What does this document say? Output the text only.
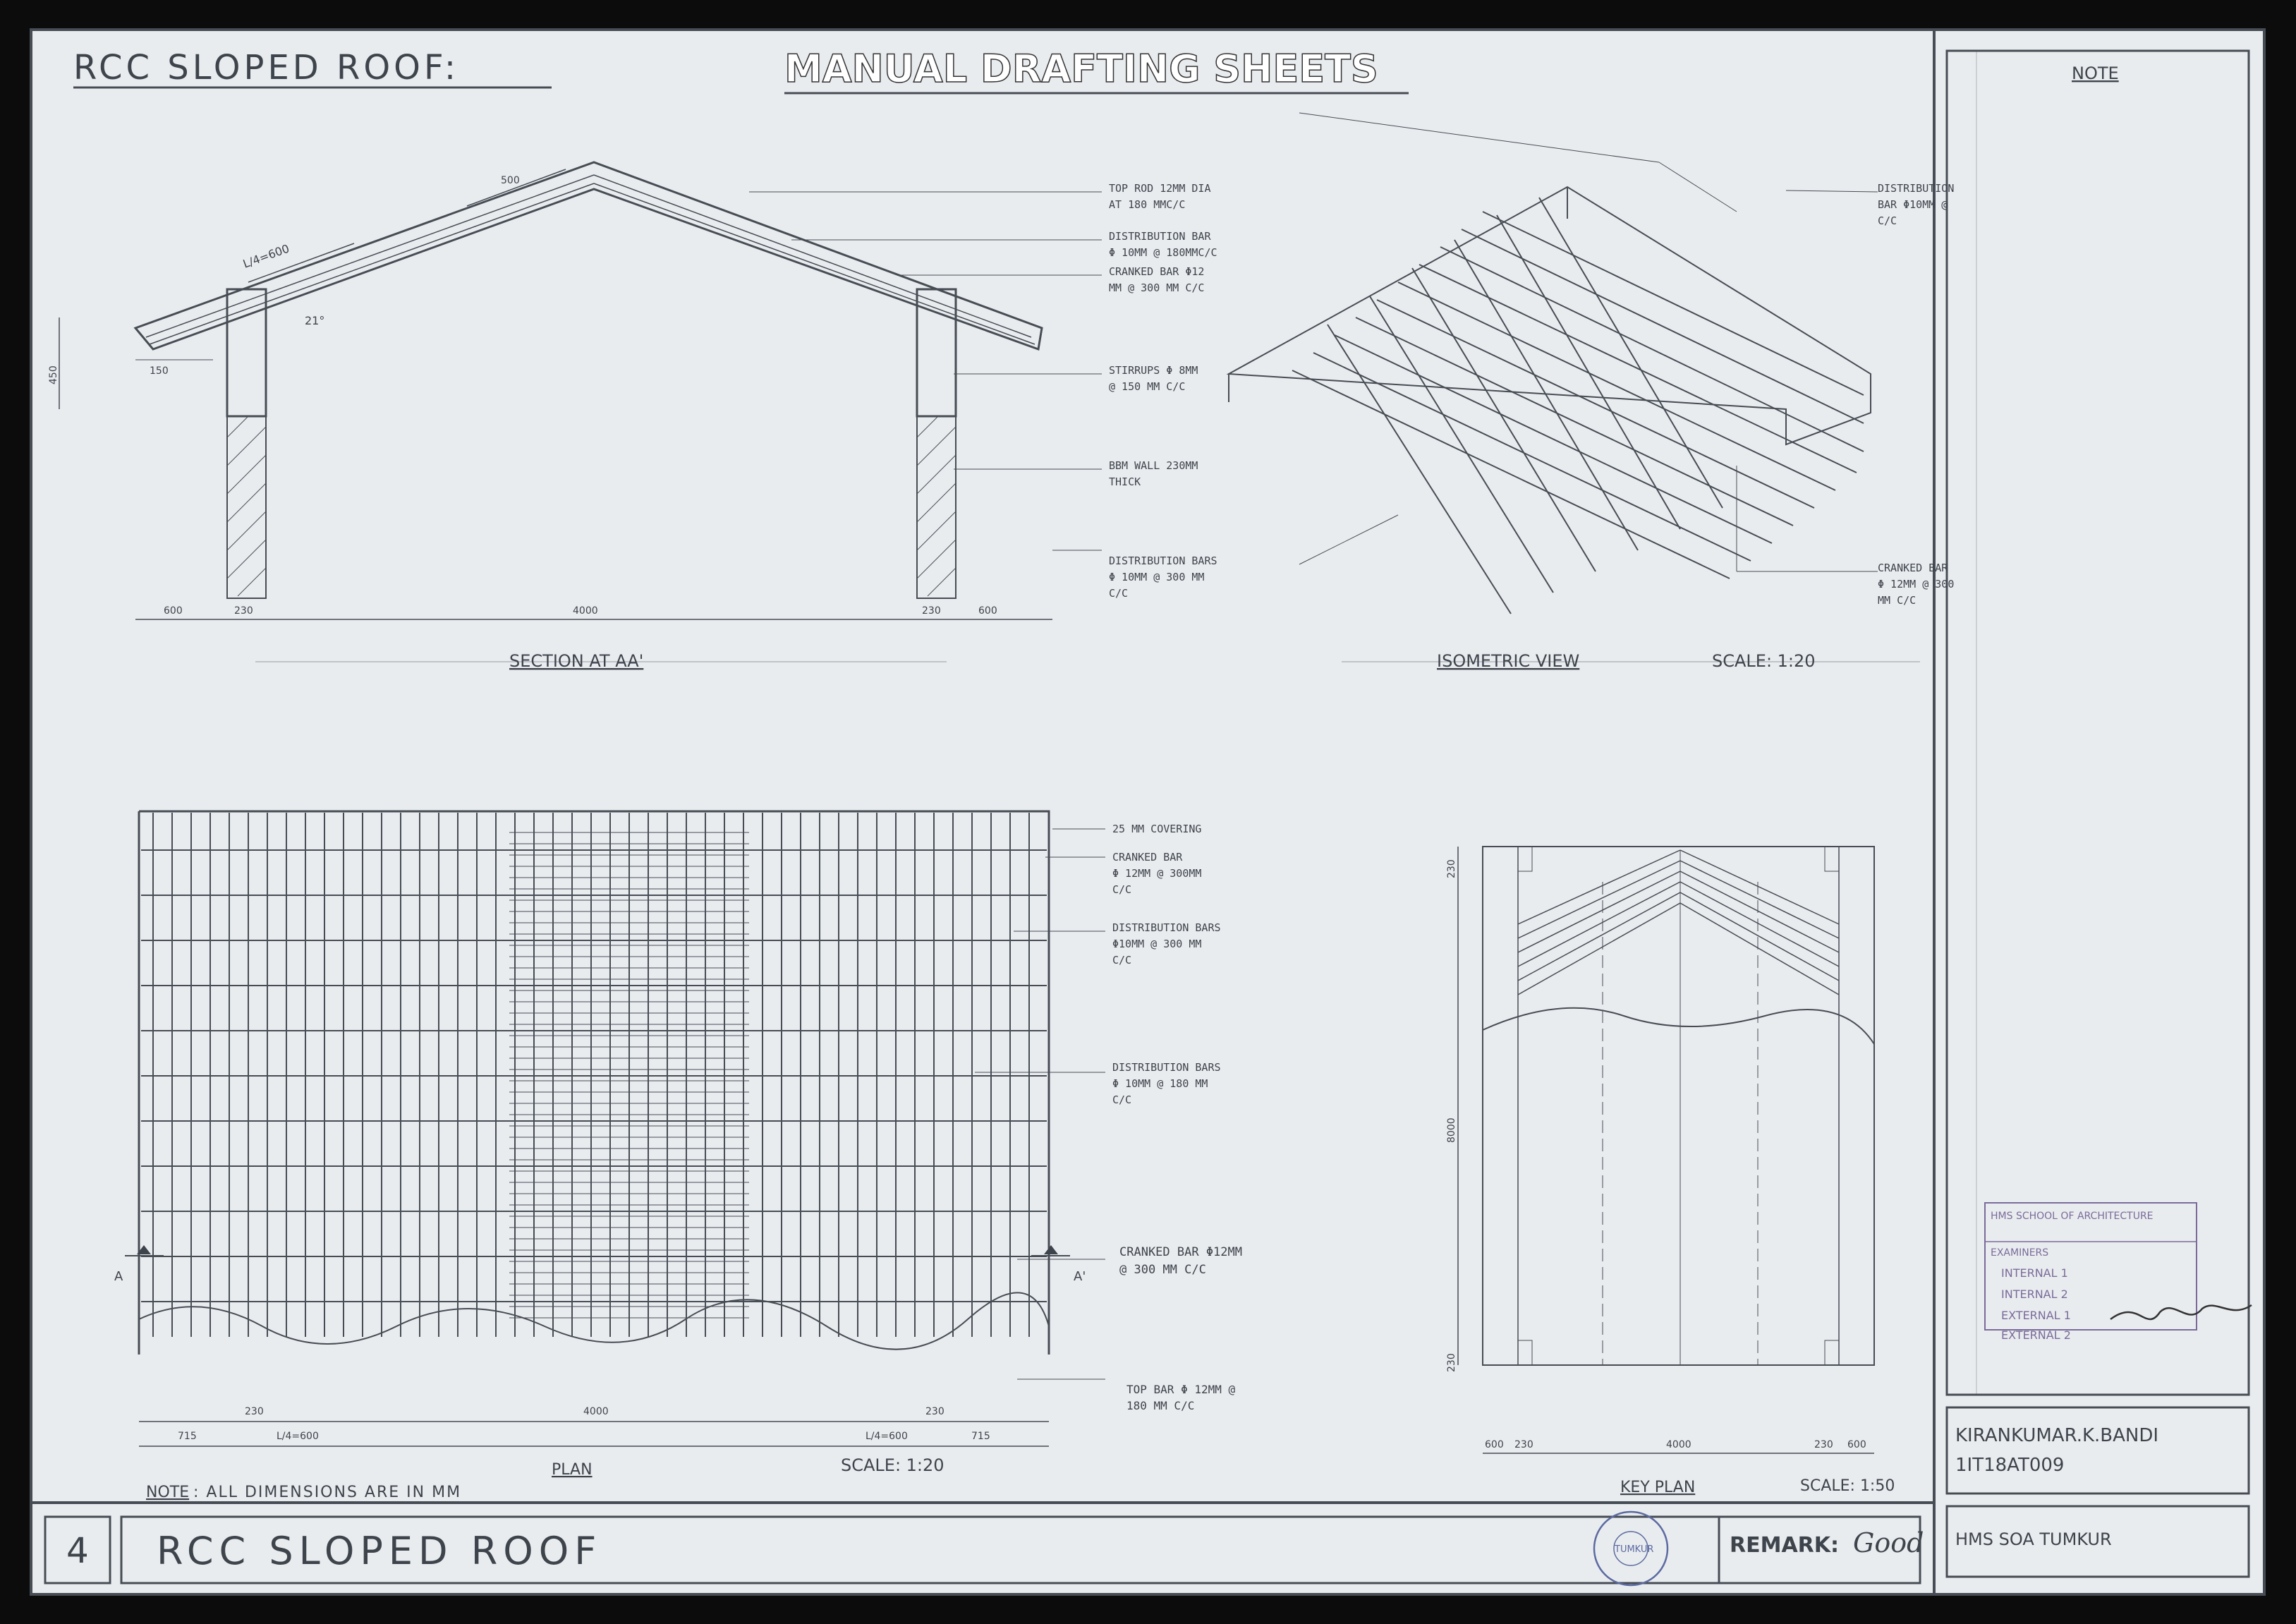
RCC SLOPED ROOF:	MANUAL DRAFTING SHEETS
500
L/4=600
21°
450	150
600	230	4000	230	600
TOP ROD 12MM DIA
AT 180 MMC/C
DISTRIBUTION BAR
Φ 10MM @ 180MMC/C
CRANKED BAR Φ12
MM @ 300 MM C/C
STIRRUPS Φ 8MM
@ 150 MM C/C
BBM WALL 230MM
THICK
DISTRIBUTION BARS
Φ 10MM @ 300 MM
C/C
SECTION AT AA'
DISTRIBUTION
BAR Φ10MM @
C/C
CRANKED BAR
Φ 12MM @ 300
MM C/C
ISOMETRIC VIEW	SCALE: 1:20
230	4000	230
715	L/4=600	L/4=600	715
A	A'
25 MM COVERING
CRANKED BAR
Φ 12MM @ 300MM
C/C
DISTRIBUTION BARS
Φ10MM @ 300 MM
C/C
DISTRIBUTION BARS
Φ 10MM @ 180 MM
C/C
CRANKED BAR Φ12MM
@ 300 MM C/C
TOP BAR Φ 12MM @
180 MM C/C
PLAN	SCALE: 1:20
NOTE : ALL DIMENSIONS ARE IN MM
230
8000
230
600 230	4000	230 600
KEY PLAN	SCALE: 1:50
NOTE
HMS SCHOOL OF ARCHITECTURE
EXAMINERS
INTERNAL 1
INTERNAL 2
EXTERNAL 1
EXTERNAL 2
KIRANKUMAR.K.BANDI
1IT18AT009
HMS SOA TUMKUR
4 RCC SLOPED ROOF	TUMKUR	REMARK: Good
